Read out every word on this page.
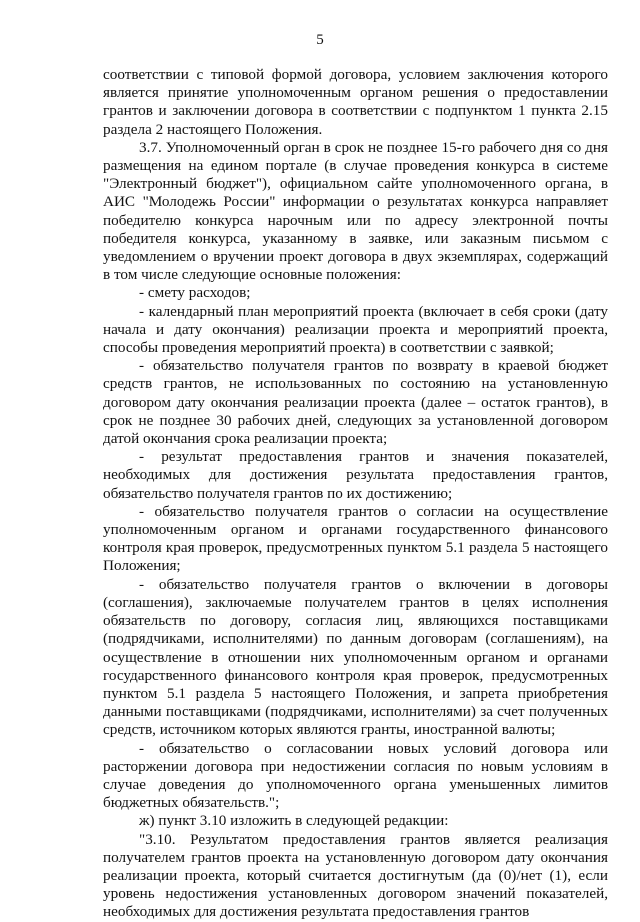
5

соответствии с типовой формой договора, условием заключения которого является принятие уполномоченным органом решения о предоставлении грантов и заключении договора в соответствии с подпунктом 1 пункта 2.15 раздела 2 настоящего Положения.

3.7. Уполномоченный орган в срок не позднее 15-го рабочего дня со дня размещения на едином портале (в случае проведения конкурса в системе "Электронный бюджет"), официальном сайте уполномоченного органа, в АИС "Молодежь России" информации о результатах конкурса направляет победителю конкурса нарочным или по адресу электронной почты победителя конкурса, указанному в заявке, или заказным письмом с уведомлением о вручении проект договора в двух экземплярах, содержащий в том числе следующие основные положения:

- смету расходов;

- календарный план мероприятий проекта (включает в себя сроки (дату начала и дату окончания) реализации проекта и мероприятий проекта, способы проведения мероприятий проекта) в соответствии с заявкой;

- обязательство получателя грантов по возврату в краевой бюджет средств грантов, не использованных по состоянию на установленную договором дату окончания реализации проекта (далее – остаток грантов), в срок не позднее 30 рабочих дней, следующих за установленной договором датой окончания срока реализации проекта;

- результат предоставления грантов и значения показателей, необходимых для достижения результата предоставления грантов, обязательство получателя грантов по их достижению;

- обязательство получателя грантов о согласии на осуществление уполномоченным органом и органами государственного финансового контроля края проверок, предусмотренных пунктом 5.1 раздела 5 настоящего Положения;

- обязательство получателя грантов о включении в договоры (соглашения), заключаемые получателем грантов в целях исполнения обязательств по договору, согласия лиц, являющихся поставщиками (подрядчиками, исполнителями) по данным договорам (соглашениям), на осуществление в отношении них уполномоченным органом и органами государственного финансового контроля края проверок, предусмотренных пунктом 5.1 раздела 5 настоящего Положения, и запрета приобретения данными поставщиками (подрядчиками, исполнителями) за счет полученных средств, источником которых являются гранты, иностранной валюты;

- обязательство о согласовании новых условий договора или расторжении договора при недостижении согласия по новым условиям в случае доведения до уполномоченного органа уменьшенных лимитов бюджетных обязательств.";

ж) пункт 3.10 изложить в следующей редакции:

"3.10. Результатом предоставления грантов является реализация получателем грантов проекта на установленную договором дату окончания реализации проекта, который считается достигнутым (да (0)/нет (1), если уровень недостижения установленных договором значений показателей, необходимых для достижения результата предоставления грантов
